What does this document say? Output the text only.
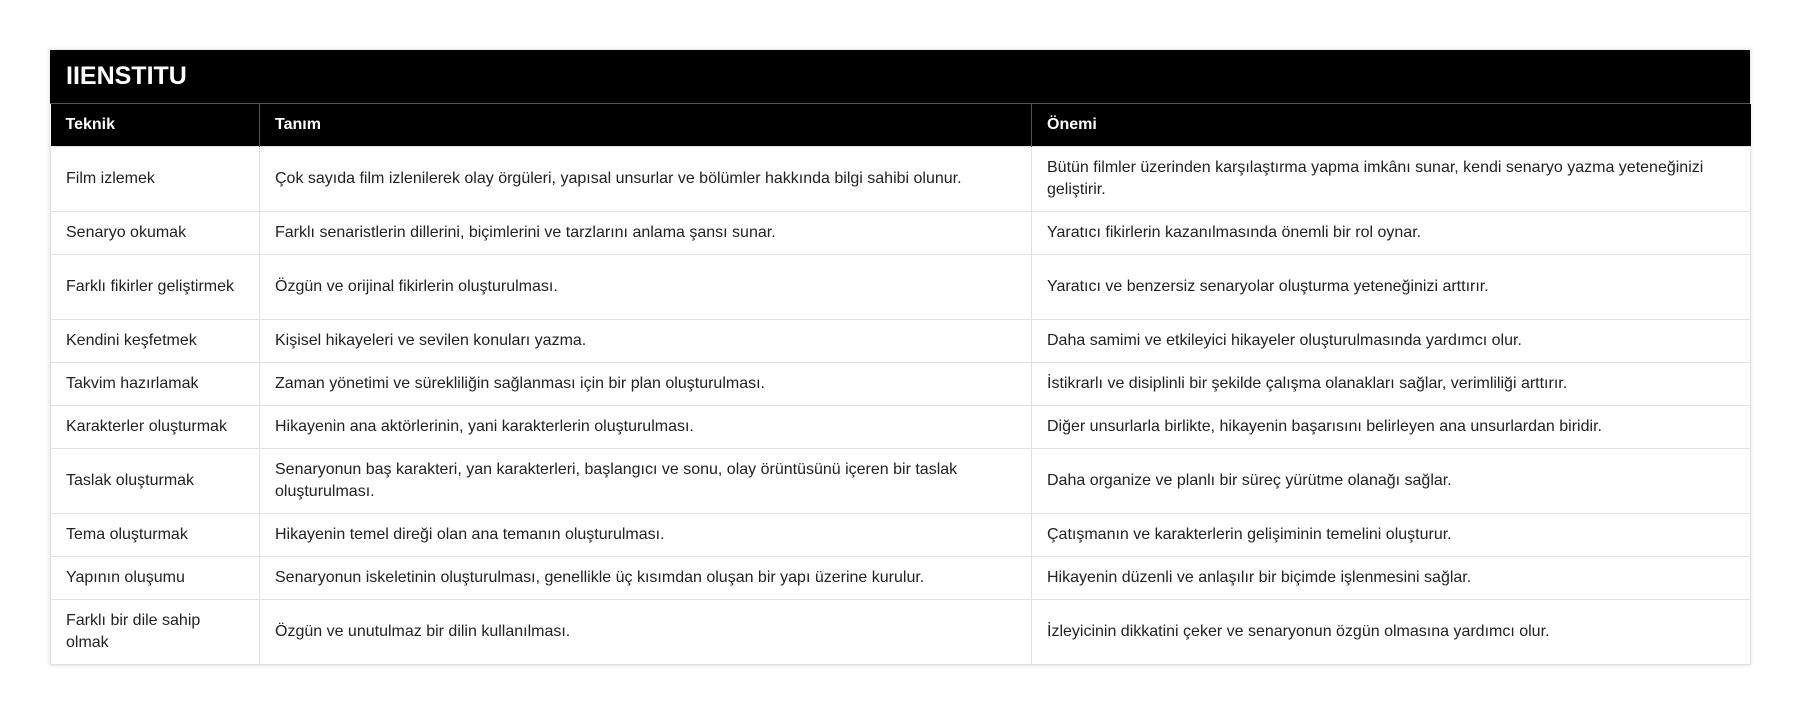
IIENSTITU
Teknik	Tanım	Önemi
Film izlemek	Çok sayıda film izlenilerek olay örgüleri, yapısal unsurlar ve bölümler hakkında bilgi sahibi olunur.	Bütün filmler üzerinden karşılaştırma yapma imkânı sunar, kendi senaryo yazma yeteneğinizi geliştirir.
Senaryo okumak	Farklı senaristlerin dillerini, biçimlerini ve tarzlarını anlama şansı sunar.	Yaratıcı fikirlerin kazanılmasında önemli bir rol oynar.
Farklı fikirler geliştirmek	Özgün ve orijinal fikirlerin oluşturulması.	Yaratıcı ve benzersiz senaryolar oluşturma yeteneğinizi arttırır.
Kendini keşfetmek	Kişisel hikayeleri ve sevilen konuları yazma.	Daha samimi ve etkileyici hikayeler oluşturulmasında yardımcı olur.
Takvim hazırlamak	Zaman yönetimi ve sürekliliğin sağlanması için bir plan oluşturulması.	İstikrarlı ve disiplinli bir şekilde çalışma olanakları sağlar, verimliliği arttırır.
Karakterler oluşturmak	Hikayenin ana aktörlerinin, yani karakterlerin oluşturulması.	Diğer unsurlarla birlikte, hikayenin başarısını belirleyen ana unsurlardan biridir.
Taslak oluşturmak	Senaryonun baş karakteri, yan karakterleri, başlangıcı ve sonu, olay örüntüsünü içeren bir taslak oluşturulması.	Daha organize ve planlı bir süreç yürütme olanağı sağlar.
Tema oluşturmak	Hikayenin temel direği olan ana temanın oluşturulması.	Çatışmanın ve karakterlerin gelişiminin temelini oluşturur.
Yapının oluşumu	Senaryonun iskeletinin oluşturulması, genellikle üç kısımdan oluşan bir yapı üzerine kurulur.	Hikayenin düzenli ve anlaşılır bir biçimde işlenmesini sağlar.
Farklı bir dile sahip olmak	Özgün ve unutulmaz bir dilin kullanılması.	İzleyicinin dikkatini çeker ve senaryonun özgün olmasına yardımcı olur.
